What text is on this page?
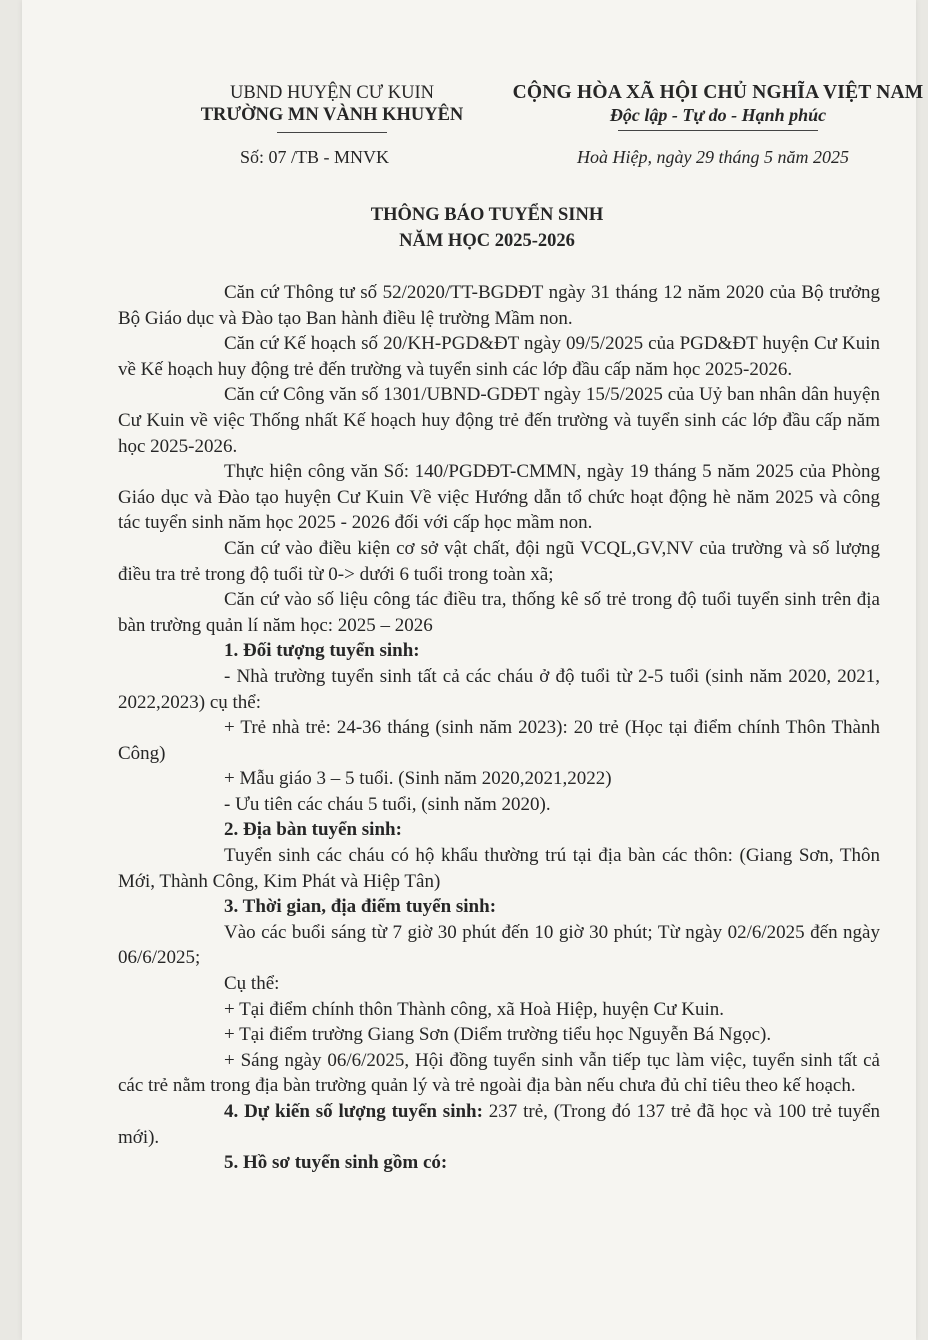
UBND HUYỆN CƯ KUIN
TRƯỜNG MN VÀNH KHUYÊN
CỘNG HÒA XÃ HỘI CHỦ NGHĨA VIỆT NAM
Độc lập - Tự do - Hạnh phúc
Số: 07 /TB - MNVK	Hoà Hiệp, ngày 29 tháng 5 năm 2025
THÔNG BÁO TUYỂN SINH
NĂM HỌC 2025-2026

Căn cứ Thông tư số 52/2020/TT-BGDĐT ngày 31 tháng 12 năm 2020 của Bộ trưởng Bộ Giáo dục và Đào tạo Ban hành điều lệ trường Mầm non.

Căn cứ Kế hoạch số 20/KH-PGD&ĐT ngày 09/5/2025 của PGD&ĐT huyện Cư Kuin về Kế hoạch huy động trẻ đến trường và tuyển sinh các lớp đầu cấp năm học 2025-2026.

Căn cứ Công văn số 1301/UBND-GDĐT ngày 15/5/2025 của Uỷ ban nhân dân huyện Cư Kuin về việc Thống nhất Kế hoạch huy động trẻ đến trường và tuyển sinh các lớp đầu cấp năm học 2025-2026.

Thực hiện công văn Số: 140/PGDĐT-CMMN, ngày 19 tháng 5 năm 2025 của Phòng Giáo dục và Đào tạo huyện Cư Kuin Về việc Hướng dẫn tổ chức hoạt động hè năm 2025 và công tác tuyển sinh năm học 2025 - 2026 đối với cấp học mầm non.

Căn cứ vào điều kiện cơ sở vật chất, đội ngũ VCQL,GV,NV của trường và số lượng điều tra trẻ trong độ tuổi từ 0-> dưới 6 tuổi trong toàn xã;

Căn cứ vào số liệu công tác điều tra, thống kê số trẻ trong độ tuổi tuyển sinh trên địa bàn trường quản lí năm học: 2025 – 2026

1. Đối tượng tuyển sinh:

- Nhà trường tuyển sinh tất cả các cháu ở độ tuổi từ 2-5 tuổi (sinh năm 2020, 2021, 2022,2023) cụ thể:

+ Trẻ nhà trẻ: 24-36 tháng (sinh năm 2023): 20 trẻ (Học tại điểm chính Thôn Thành Công)

+ Mẫu giáo 3 – 5 tuổi. (Sinh năm 2020,2021,2022)

- Ưu tiên các cháu 5 tuổi, (sinh năm 2020).

2. Địa bàn tuyển sinh:

Tuyển sinh các cháu có hộ khẩu thường trú tại địa bàn các thôn: (Giang Sơn, Thôn Mới, Thành Công, Kim Phát và Hiệp Tân)

3. Thời gian, địa điểm tuyển sinh:

Vào các buổi sáng từ 7 giờ 30 phút đến 10 giờ 30 phút; Từ ngày 02/6/2025 đến ngày 06/6/2025;

Cụ thể:

+ Tại điểm chính thôn Thành công, xã Hoà Hiệp, huyện Cư Kuin.

+ Tại điểm trường Giang Sơn (Diểm trường tiểu học Nguyễn Bá Ngọc).

+ Sáng ngày 06/6/2025, Hội đồng tuyển sinh vẫn tiếp tục làm việc, tuyển sinh tất cả các trẻ nằm trong địa bàn trường quản lý và trẻ ngoài địa bàn nếu chưa đủ chỉ tiêu theo kế hoạch.

4. Dự kiến số lượng tuyển sinh: 237 trẻ, (Trong đó 137 trẻ đã học và 100 trẻ tuyển mới).

5. Hồ sơ tuyển sinh gồm có:
